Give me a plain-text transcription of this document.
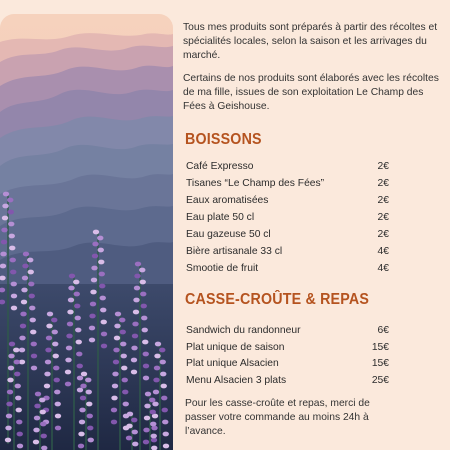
Tous mes produits sont préparés à partir des récoltes et spécialités locales, selon la saison et les arrivages du marché.

Certains de nos produits sont élaborés avec les récoltes de ma fille, issues de son exploitation Le Champ des Fées à Geishouse.

BOISSONS
Café Expresso	2€
Tisanes “Le Champ des Fées”	2€
Eaux aromatisées	2€
Eau plate 50 cl	2€
Eau gazeuse 50 cl	2€
Bière artisanale 33 cl	4€
Smootie de fruit	4€
CASSE-CROÛTE & REPAS
Sandwich du randonneur	6€
Plat unique de saison	15€
Plat unique Alsacien	15€
Menu Alsacien 3 plats	25€

Pour les casse-croûte et repas, merci de passer votre commande au moins 24h à l’avance.
